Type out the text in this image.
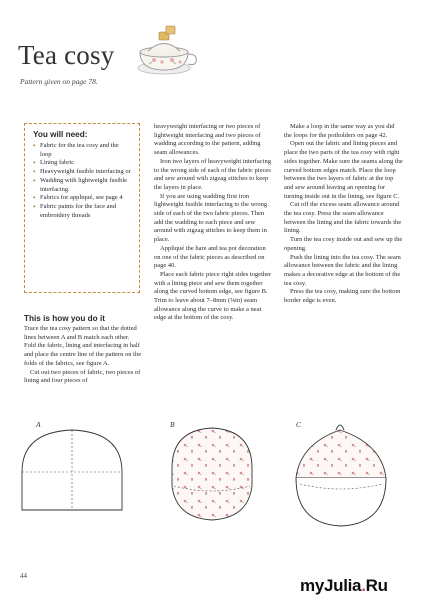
Tea cosy
Pattern given on page 78.
You will need:
• Fabric for the tea cosy and the loop
• Lining fabric
• Heavyweight fusible interfacing or
• Wadding with lightweight fusible interfacing
• Fabrics for appliqué, see page 4
• Fabric paints for the face and embroidery threads
This is how you do it

Trace the tea cosy pattern so that the dotted lines between A and B match each other. Fold the fabric, lining and interfacing in half and place the centre line of the pattern on the folds of the fabrics, see figure A.

Cut out two pieces of fabric, two pieces of lining and four pieces of

heavyweight interfacing or two pieces of lightweight interfacing and two pieces of wadding according to the pattern, adding seam allowances.

Iron two layers of heavyweight interfacing to the wrong side of each of the fabric pieces and sew around with zigzag stitches to keep the layers in place.

If you are using wadding first iron lightweight fusible interfacing to the wrong side of each of the two fabric pieces. Then add the wadding to each piece and sew around with zigzag stitches to keep them in place.

Appliqué the hare and tea pot decoration on one of the fabric pieces as described on page 40.

Place each fabric piece right sides together with a lining piece and sew them together along the curved bottom edge, see figure B. Trim to leave about 7–8mm (⅜in) seam allowance along the curve to make a neat edge at the bottom of the cosy.

Make a loop in the same way as you did the loops for the potholders on page 42.

Open out the fabric and lining pieces and place the two parts of the tea cosy with right sides together. Make sure the seams along the curved bottom edges match. Place the loop between the two layers of fabric at the top and sew around leaving an opening for turning inside out in the lining, see figure C.

Cut off the excess seam allowance around the tea cosy. Press the seam allowance between the lining and the fabric towards the lining.

Turn the tea cosy inside out and sew up the opening.

Push the lining into the tea cosy. The seam allowance between the fabric and the lining makes a decorative edge at the bottom of the tea cosy.

Press the tea cosy, making sure the bottom border edge is even.

A	B	C
44	myJulia.Ru
